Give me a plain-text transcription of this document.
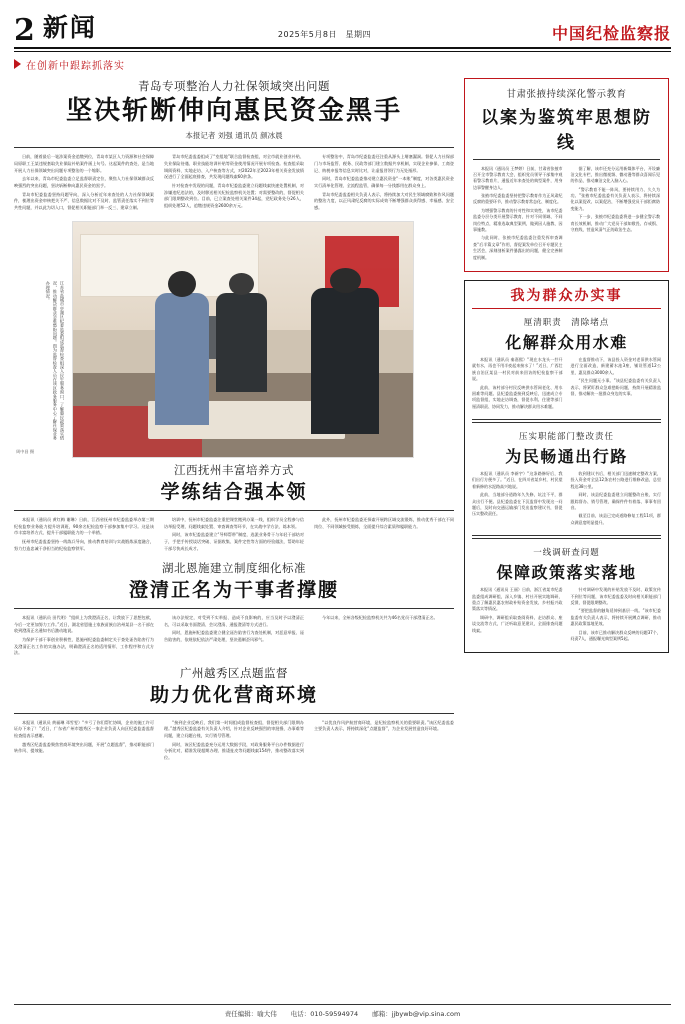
2 新闻	2025年5月8日　星期四	中国纪检监察报
在创新中跟踪抓落实
青岛专项整治人力社保领域突出问题
坚决斩断伸向惠民资金黑手
本报记者 刘强 通讯员 颜冰晨

日前，随着最后一笔涉案资金追缴到位，青岛市某区人力资源和社会保障局原职工王某违规套取失业保险补贴案件画上句号。这起案件的查处，是当地开展人力社保领域突出问题专项整治的一个缩影。

去年以来，青岛市纪委监委立足监督职责定位，聚焦人力社保领域群众反映强烈的突出问题，坚决斩断伸向惠民资金的黑手。

青岛市纪委监委坚持问题导向，深入分析近年来查处的人力社保领域案件，梳理出资金审核把关不严、信息数据比对不及时、监管责任落实不到位等共性问题，并以此为切入口，督促相关职能部门举一反三、建章立制。

青岛市纪委监委组成了“室组地”联合监督检查组，对全市就业创业补贴、失业保险待遇、职业技能培训补贴等资金使用情况开展专项检查。检查组采取调阅资料、实地走访、入户核查等方式，对2022年至2023年相关资金发放情况进行了全面起底排查，共发现问题线索60余条。

针对检查中发现的问题，青岛市纪委监委建立问题线索快速处置机制，对涉嫌违纪违法的，及时移送相关纪检监察机关处置；对需要整改的，督促相关部门限期整改到位。目前，已立案查处相关案件34起，党纪政务处分26人，组织处理52人，追缴违规资金2600余万元。

专项整治中，青岛市纪委监委还注重从源头上堵塞漏洞。督促人力社保部门与市场监管、税务、民政等部门建立数据共享机制，实现企业参保、工商登记、纳税申报等信息实时比对，让虚报冒领行为无处遁形。

同时，青岛市纪委监委推动建立惠民资金“一本账”制度，对各类惠民资金实行清单化管理、全流程监管，确保每一分钱都用在群众身上。

青岛市纪委监委相关负责人表示，将持续加大对民生领域腐败和作风问题的整治力度，以正风肃纪反腐的实际成效不断增强群众获得感、幸福感、安全感。

江苏省盐城市亭湖区纪委监委组成监督检查组深入民生服务窗口，了解惠民政策落实情况，推动解决群众急难愁盼问题。图为监督检查人员在该区政务服务中心了解社保业务办理情况。
周中昌 摄
江西抚州丰富培养方式
学练结合强本领

本报讯（通讯员 黄红梅 谢琳）日前，江西省抚州市纪委监委举办第三期纪检监察业务能力提升培训班，90余名纪检监察干部参加集中学习。这是该市丰富培养方式、提升干部履职能力的一个举措。

抚州市纪委监委坚持一线练兵导向，推动教育培训与实战锻炼深度融合，努力打造忠诚干净担当的纪检监察铁军。

培训中，抚州市纪委监委注重把课堂搬到办案一线，组织学员全程参与信访举报受理、问题线索处置、审查调查等环节，在实战中学方法、练本领。

同时，该市纪委监委建立“导师帮带”制度，选派业务骨干与年轻干部结对子，手把手传授谈话突破、证据收集、案件定性等方面的经验做法，帮助年轻干部尽快成长成才。

此外，抚州市纪委监委还探索开展跨区域交流锻炼，推动优秀干部在不同岗位、不同领域接受锻炼，全面提升综合素质和履职能力。

湖北恩施建立制度细化标准
澄清正名为干事者撑腰

本报讯（通讯员 田代明）“组织上为我澄清正名，让我放下了思想包袱，今后一定更加努力工作。”近日，湖北省恩施土家族苗族自治州某县一名干部在收到澄清正名通知书后激动地说。

为保护干部干事创业积极性，恩施州纪委监委制定关于查处诬告陷害行为及澄清正名工作的实施办法，明确澄清正名的适用情形、工作程序和方式方法。

该办法规定，对受到不实举报、造成不良影响的，应当及时予以澄清正名，可以采取书面澄清、会议澄清、通报澄清等方式进行。

同时，恩施州纪委监委建立健全诬告陷害行为查处机制，对恶意举报、诬告陷害的，依规依纪依法严肃处理，坚决遏制歪风邪气。

今年以来，全州各级纪检监察机关共为46名党员干部澄清正名。

广州越秀区点题监督
助力优化营商环境

本报讯（通讯员 黄福琳 邓雪雯）“多亏了你们帮忙协调，企业的施工许可证办下来了！”近日，广东省广州市越秀区一家企业负责人向区纪委监委监督检查组表示感谢。

越秀区纪委监委聚焦营商环境突出问题，开展“点题监督”，推动职能部门转作风、提效能。

“接到企业反映后，我们第一时间组成监督检查组，督促相关部门限期办理。”越秀区纪委监委有关负责人介绍，针对企业反映强烈的审批慢、办事难等问题，建立问题台账，实行销号管理。

同时，该区纪委监委充分运用大数据手段，对政务服务平台办件数据进行分析比对，精准发现超期办理、推诿扯皮等问题线索154件，推动整改落实到位。

“以优良作风护航营商环境，是纪检监察机关的重要职责。”该区纪委监委主要负责人表示，将持续深化“点题监督”，为企业发展营造良好环境。

甘肃张掖持续深化警示教育
以案为鉴筑牢思想防线

本报讯（通讯员 王梦婷）日前，甘肃省张掖市召开全市警示教育大会，组织党员领导干部集中观看警示教育片，通报近年来查处的典型案件，用身边事警醒身边人。

张掖市纪委监委坚持把警示教育作为正风肃纪反腐的重要环节，推动警示教育常态化、制度化。

为增强警示教育的针对性和实效性，该市纪委监委分层分类开展警示教育，针对不同领域、不同岗位特点，精准选取典型案例，做到因人施教、因事施教。

与此同时，张掖市纪委监委注重发挥审查调查“后半篇文章”作用，督促案发单位召开专题民主生活会，深刻剖析案件暴露出的问题，健全完善制度机制。

据了解，该市还充分运用新媒体平台，开设廉洁文化专栏，推出微视频、微动漫等群众喜闻乐见的作品，推动廉洁文化入脑入心。

“警示教育不能一阵风，要持续用力、久久为功。”张掖市纪委监委有关负责人表示，将持续深化以案促改、以案促治，不断增强党员干部拒腐防变能力。

下一步，张掖市纪委监委将进一步健全警示教育长效机制，推动广大党员干部知敬畏、存戒惧、守底线，营造风清气正的政治生态。

我为群众办实事
厘清职责　清除堵点
化解群众用水难

本报讯（通讯员 秦嘉熙）“现在水龙头一拧开就有水，再也不用半夜起来接水了！”近日，广西壮族自治区某县一村民对前来回访的纪检监察干部说。

此前，该村部分村民反映供水管网老化、用水困难等问题。县纪委监委接到反映后，迅速成立专项监督组，实地走访调查，督促水利、住建等部门厘清职责、协同发力，推动解决群众用水难题。

在监督推动下，该县投入资金对老旧供水管网进行全面改造，新建蓄水池3座，铺设管道12公里，惠及群众3000余人。

“民生问题无小事。”该县纪委监委有关负责人表示，将紧盯群众急难愁盼问题，持续开展精准监督，推动解决一批群众身边的实事。

压实职能部门整改责任
为民畅通出行路

本报讯（通讯员 李新宇）“这条路修好后，我们出行方便多了。”近日，在四川省某乡村，村民望着新修的水泥路高兴地说。

此前，当地部分道路年久失修，坑洼不平，群众出行不便。县纪委监委在下沉监督中发现这一问题后，及时向交通运输部门发出监察建议书，督促压实整改责任。

收到建议书后，相关部门迅速制定整改方案，投入资金对全县12条农村公路进行维修改造，总里程达38公里。

同时，该县纪委监委建立问题整改台账，实行跟踪督办、销号管理，确保件件有着落、事事有回音。

截至目前，该县已完成道路修复工程11项，群众满意度明显提升。

一线调研查问题
保障政策落实落地

本报讯（通讯员 王丽）日前，浙江省某市纪委监委组成调研组，深入乡镇、村社开展实地调研，重点了解惠民惠农财政补贴资金发放、乡村振兴政策落实等情况。

调研中，调研组采取查阅资料、走访群众、座谈交流等方式，广泛听取意见建议，全面排查问题线索。

针对调研中发现的补贴发放不及时、政策宣传不到位等问题，该市纪委监委及时向相关职能部门反馈，督促限期整改。

“要把监督的触角延伸到基层一线。”该市纪委监委有关负责人表示，将持续开展蹲点调研，推动惠民政策落地见效。

目前，该市已推动解决群众反映的问题37个，问责7人，通报曝光典型案例5起。

责任编辑：喻大伟 电话：010-59594974 邮箱：jjbywb@vip.sina.com
